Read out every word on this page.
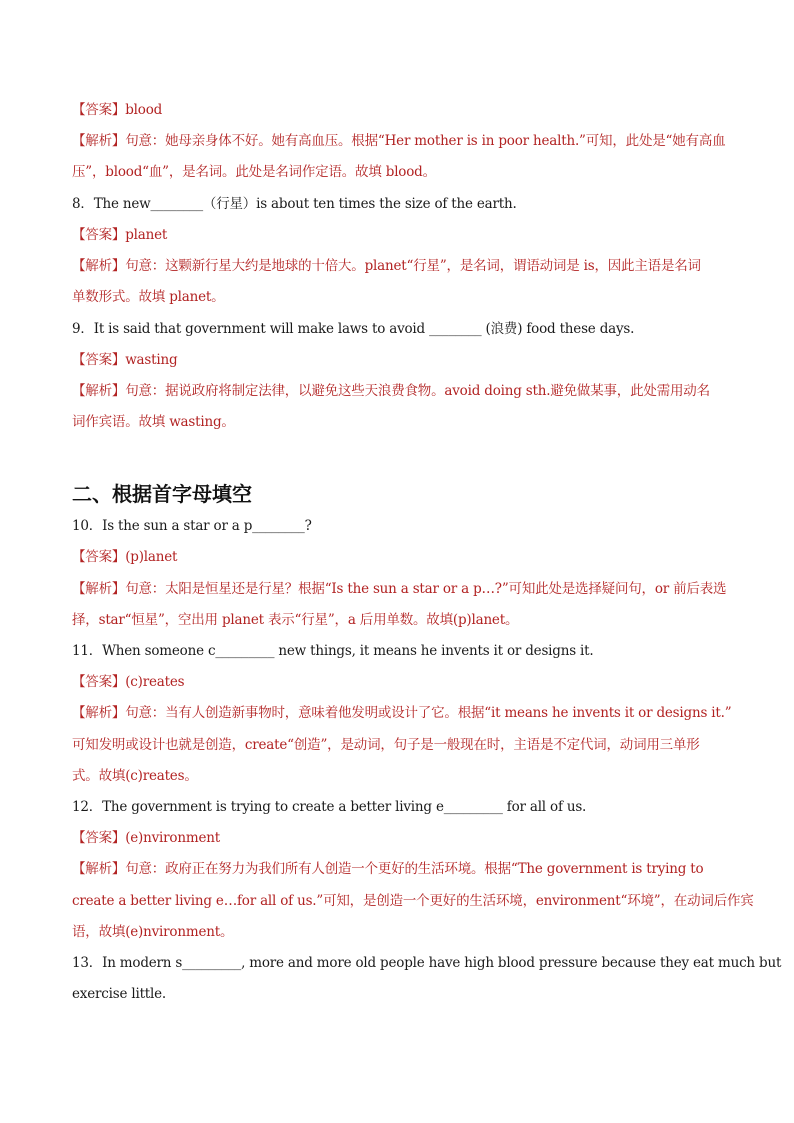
【答案】blood
【解析】句意：她母亲身体不好。她有高血压。根据“Her mother is in poor health.”可知，此处是“她有高血
压”，blood“血”，是名词。此处是名词作定语。故填 blood。
8．The new________（行星）is about ten times the size of the earth.
【答案】planet
【解析】句意：这颗新行星大约是地球的十倍大。planet“行星”，是名词，谓语动词是 is，因此主语是名词
单数形式。故填 planet。
9．It is said that government will make laws to avoid ________ (浪费) food these days.
【答案】wasting
【解析】句意：据说政府将制定法律，以避免这些天浪费食物。avoid doing sth.避免做某事，此处需用动名
词作宾语。故填 wasting。
二、根据首字母填空
10．Is the sun a star or a p________?
【答案】(p)lanet
【解析】句意：太阳是恒星还是行星？根据“Is the sun a star or a p…?”可知此处是选择疑问句，or 前后表选
择，star“恒星”，空出用 planet 表示“行星”，a 后用单数。故填(p)lanet。
11．When someone c_________ new things, it means he invents it or designs it.
【答案】(c)reates
【解析】句意：当有人创造新事物时，意味着他发明或设计了它。根据“it means he invents it or designs it.”
可知发明或设计也就是创造，create“创造”，是动词，句子是一般现在时，主语是不定代词，动词用三单形
式。故填(c)reates。
12．The government is trying to create a better living e_________ for all of us.
【答案】(e)nvironment
【解析】句意：政府正在努力为我们所有人创造一个更好的生活环境。根据“The government is trying to
create a better living e…for all of us.”可知，是创造一个更好的生活环境，environment“环境”，在动词后作宾
语，故填(e)nvironment。
13．In modern s_________, more and more old people have high blood pressure because they eat much but
exercise little.
